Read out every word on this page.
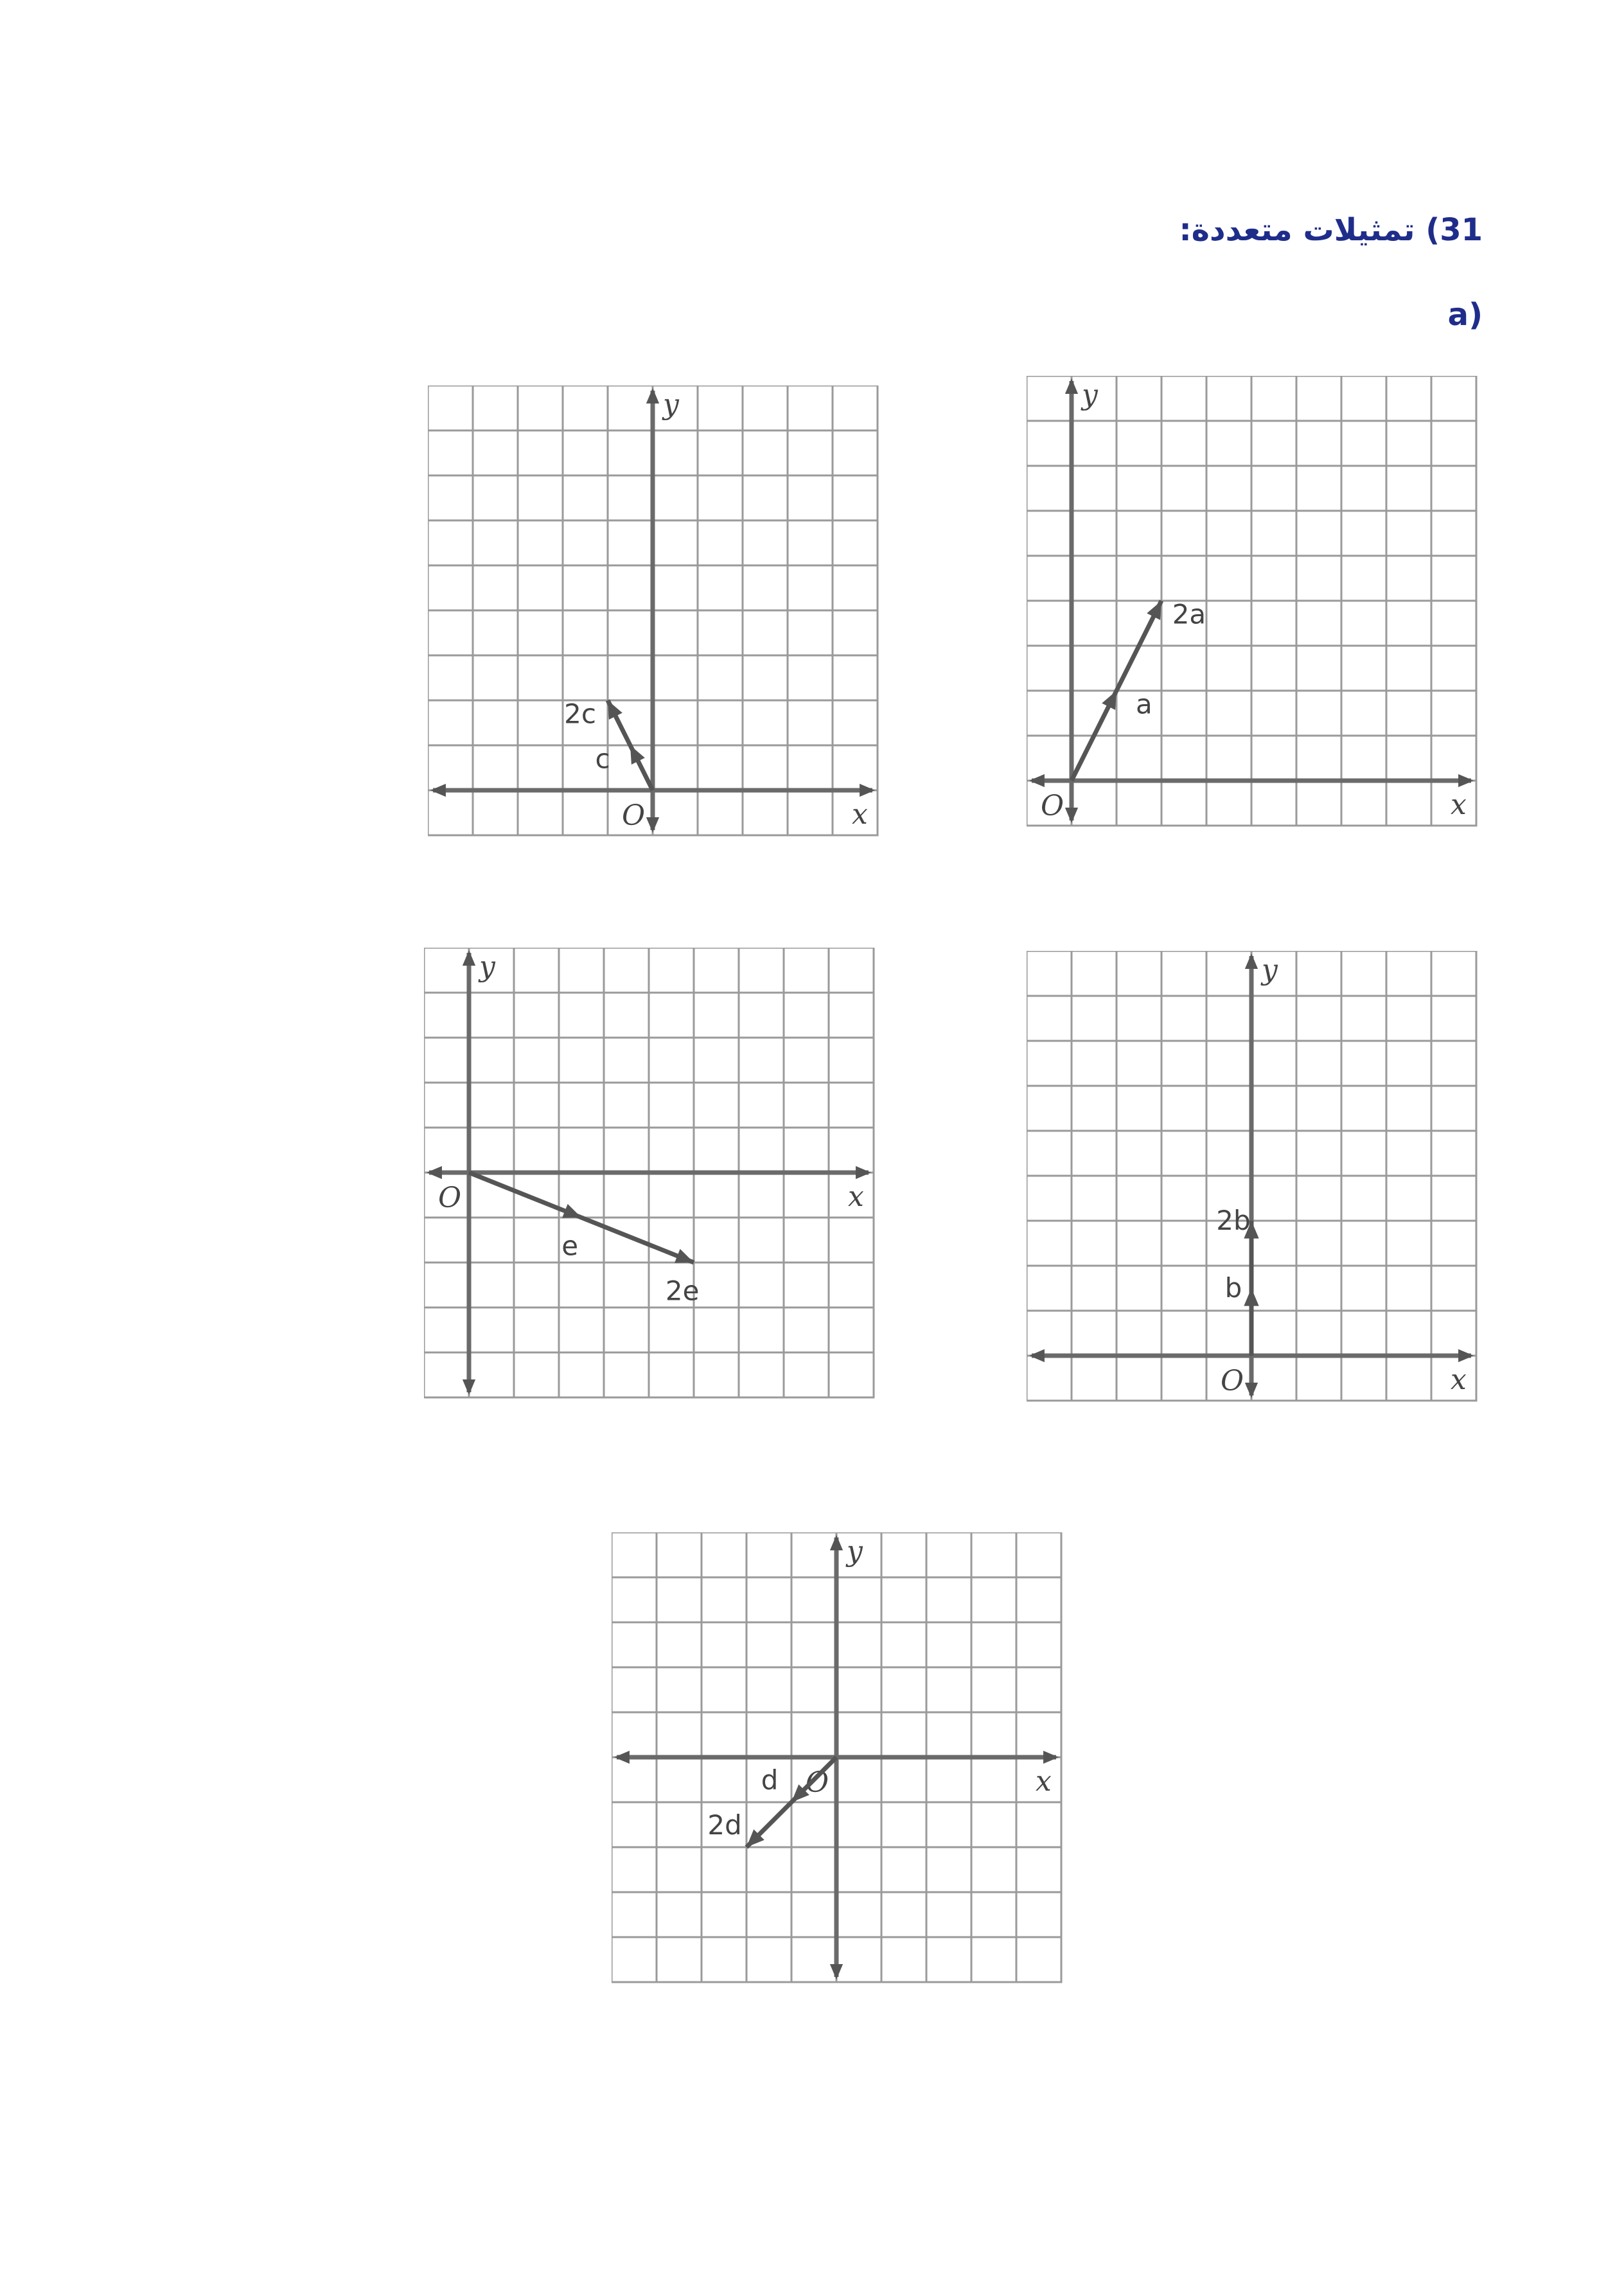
31) تمثيلات متعددة:
(a
x
y
O
2a
a
x
y
O
2c
c
x
y
O
2b
b
x
y
O
2e
e
x
y
O
2d
d
